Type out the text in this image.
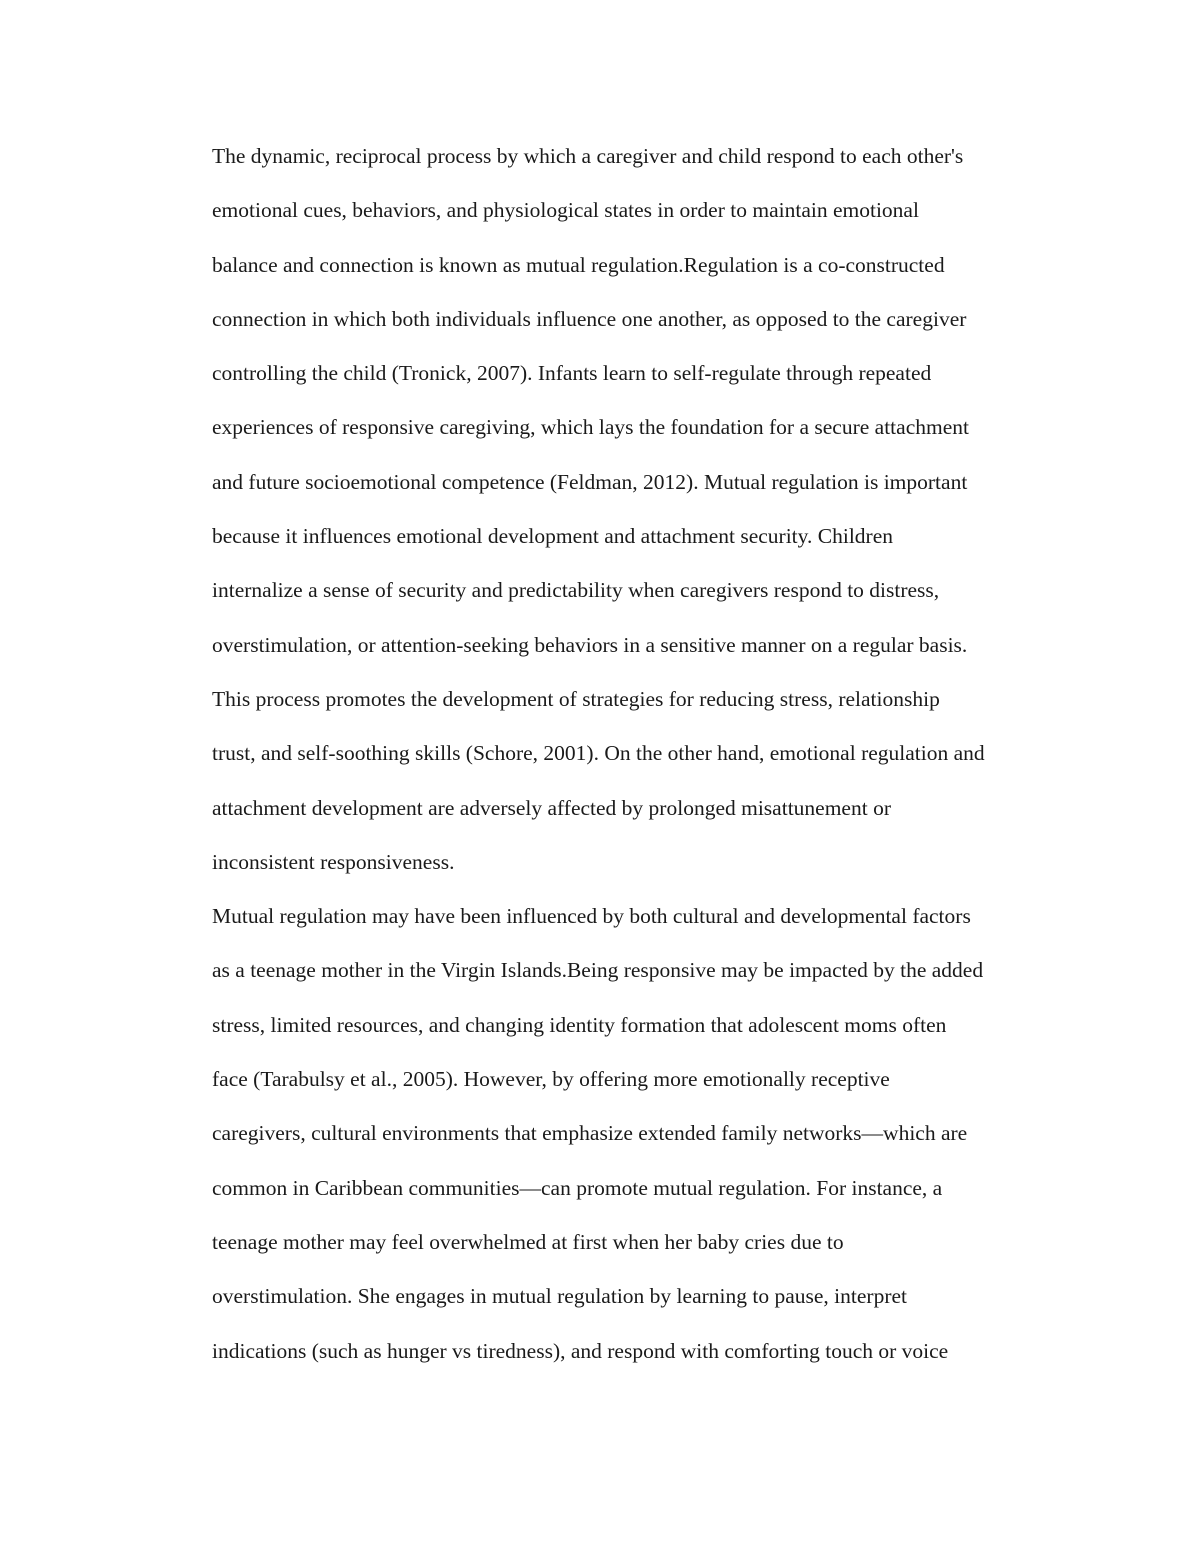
The dynamic, reciprocal process by which a caregiver and child respond to each other's
emotional cues, behaviors, and physiological states in order to maintain emotional
balance and connection is known as mutual regulation.Regulation is a co-constructed
connection in which both individuals influence one another, as opposed to the caregiver
controlling the child (Tronick, 2007). Infants learn to self-regulate through repeated
experiences of responsive caregiving, which lays the foundation for a secure attachment
and future socioemotional competence (Feldman, 2012). Mutual regulation is important
because it influences emotional development and attachment security. Children
internalize a sense of security and predictability when caregivers respond to distress,
overstimulation, or attention-seeking behaviors in a sensitive manner on a regular basis.
This process promotes the development of strategies for reducing stress, relationship
trust, and self-soothing skills (Schore, 2001). On the other hand, emotional regulation and
attachment development are adversely affected by prolonged misattunement or
inconsistent responsiveness.
Mutual regulation may have been influenced by both cultural and developmental factors
as a teenage mother in the Virgin Islands.Being responsive may be impacted by the added
stress, limited resources, and changing identity formation that adolescent moms often
face (Tarabulsy et al., 2005). However, by offering more emotionally receptive
caregivers, cultural environments that emphasize extended family networks—which are
common in Caribbean communities—can promote mutual regulation. For instance, a
teenage mother may feel overwhelmed at first when her baby cries due to
overstimulation. She engages in mutual regulation by learning to pause, interpret
indications (such as hunger vs tiredness), and respond with comforting touch or voice
